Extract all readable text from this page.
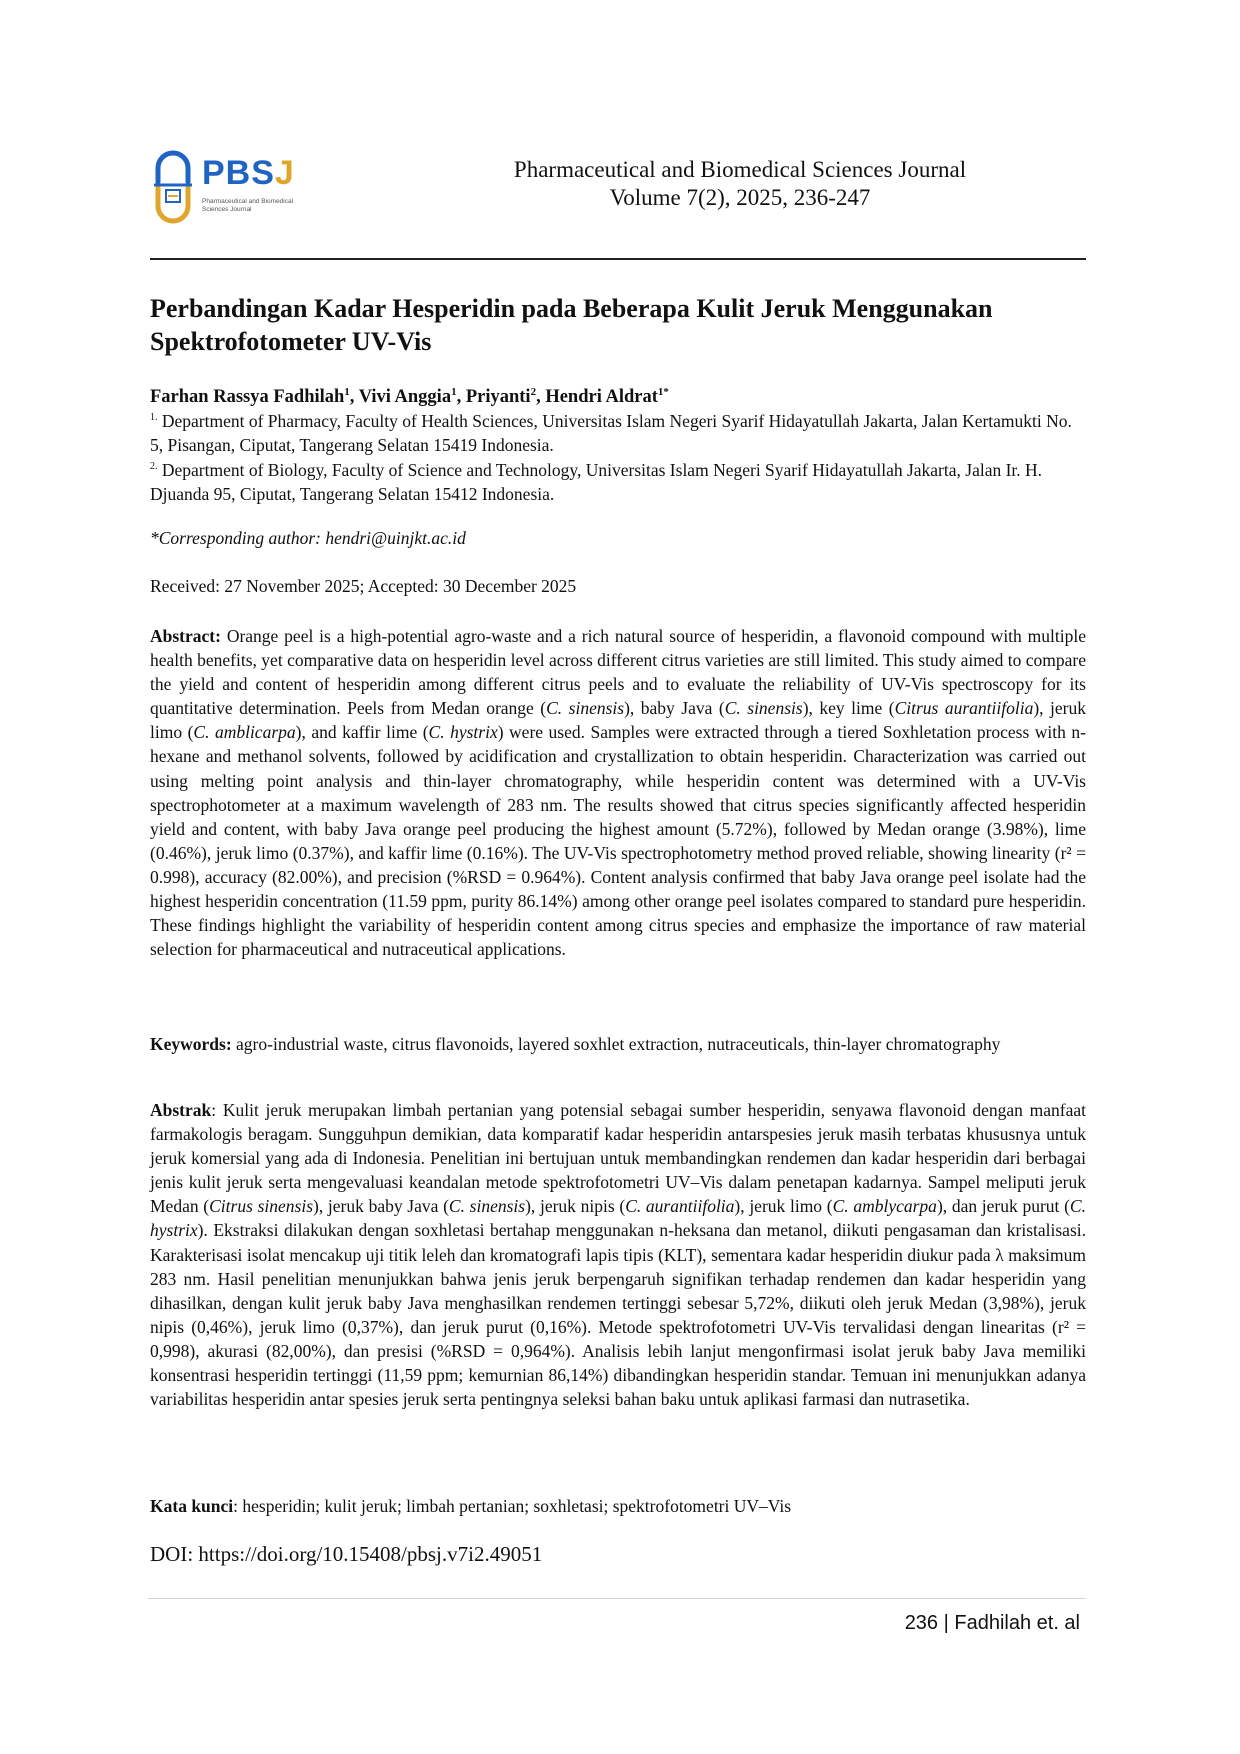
PBSJ
Pharmaceutical and Biomedical Sciences Journal
Pharmaceutical and Biomedical Sciences Journal
Volume 7(2), 2025, 236-247
Perbandingan Kadar Hesperidin pada Beberapa Kulit Jeruk Menggunakan Spektrofotometer UV-Vis
Farhan Rassya Fadhilah$^1$, Vivi Anggia$^1$, Priyanti$^2$, Hendri Aldrat$^{1*}$
$^{1.}$ Department of Pharmacy, Faculty of Health Sciences, Universitas Islam Negeri Syarif Hidayatullah Jakarta, Jalan Kertamukti No. 5, Pisangan, Ciputat, Tangerang Selatan 15419 Indonesia.
$^{2.}$ Department of Biology, Faculty of Science and Technology, Universitas Islam Negeri Syarif Hidayatullah Jakarta, Jalan Ir. H. Djuanda 95, Ciputat, Tangerang Selatan 15412 Indonesia.
*Corresponding author: hendri@uinjkt.ac.id
Received: 27 November 2025; Accepted: 30 December 2025

Abstract: Orange peel is a high-potential agro-waste and a rich natural source of hesperidin, a flavonoid compound with multiple health benefits, yet comparative data on hesperidin level across different citrus varieties are still limited. This study aimed to compare the yield and content of hesperidin among different citrus peels and to evaluate the reliability of UV-Vis spectroscopy for its quantitative determination. Peels from Medan orange (C. sinensis), baby Java (C. sinensis), key lime (Citrus aurantiifolia), jeruk limo (C. amblicarpa), and kaffir lime (C. hystrix) were used. Samples were extracted through a tiered Soxhletation process with n-hexane and methanol solvents, followed by acidification and crystallization to obtain hesperidin. Characterization was carried out using melting point analysis and thin-layer chromatography, while hesperidin content was determined with a UV-Vis spectrophotometer at a maximum wavelength of 283 nm. The results showed that citrus species significantly affected hesperidin yield and content, with baby Java orange peel producing the highest amount (5.72%), followed by Medan orange (3.98%), lime (0.46%), jeruk limo (0.37%), and kaffir lime (0.16%). The UV-Vis spectrophotometry method proved reliable, showing linearity (r² = 0.998), accuracy (82.00%), and precision (%RSD = 0.964%). Content analysis confirmed that baby Java orange peel isolate had the highest hesperidin concentration (11.59 ppm, purity 86.14%) among other orange peel isolates compared to standard pure hesperidin. These findings highlight the variability of hesperidin content among citrus species and emphasize the importance of raw material selection for pharmaceutical and nutraceutical applications.

Keywords: agro-industrial waste, citrus flavonoids, layered soxhlet extraction, nutraceuticals, thin-layer chromatography

Abstrak: Kulit jeruk merupakan limbah pertanian yang potensial sebagai sumber hesperidin, senyawa flavonoid dengan manfaat farmakologis beragam. Sungguhpun demikian, data komparatif kadar hesperidin antarspesies jeruk masih terbatas khususnya untuk jeruk komersial yang ada di Indonesia. Penelitian ini bertujuan untuk membandingkan rendemen dan kadar hesperidin dari berbagai jenis kulit jeruk serta mengevaluasi keandalan metode spektrofotometri UV–Vis dalam penetapan kadarnya. Sampel meliputi jeruk Medan (Citrus sinensis), jeruk baby Java (C. sinensis), jeruk nipis (C. aurantiifolia), jeruk limo (C. amblycarpa), dan jeruk purut (C. hystrix). Ekstraksi dilakukan dengan soxhletasi bertahap menggunakan n-heksana dan metanol, diikuti pengasaman dan kristalisasi. Karakterisasi isolat mencakup uji titik leleh dan kromatografi lapis tipis (KLT), sementara kadar hesperidin diukur pada λ maksimum 283 nm. Hasil penelitian menunjukkan bahwa jenis jeruk berpengaruh signifikan terhadap rendemen dan kadar hesperidin yang dihasilkan, dengan kulit jeruk baby Java menghasilkan rendemen tertinggi sebesar 5,72%, diikuti oleh jeruk Medan (3,98%), jeruk nipis (0,46%), jeruk limo (0,37%), dan jeruk purut (0,16%). Metode spektrofotometri UV-Vis tervalidasi dengan linearitas (r² = 0,998), akurasi (82,00%), dan presisi (%RSD = 0,964%). Analisis lebih lanjut mengonfirmasi isolat jeruk baby Java memiliki konsentrasi hesperidin tertinggi (11,59 ppm; kemurnian 86,14%) dibandingkan hesperidin standar. Temuan ini menunjukkan adanya variabilitas hesperidin antar spesies jeruk serta pentingnya seleksi bahan baku untuk aplikasi farmasi dan nutrasetika.

Kata kunci: hesperidin; kulit jeruk; limbah pertanian; soxhletasi; spektrofotometri UV–Vis

DOI: https://doi.org/10.15408/pbsj.v7i2.49051
236 | Fadhilah et. al
